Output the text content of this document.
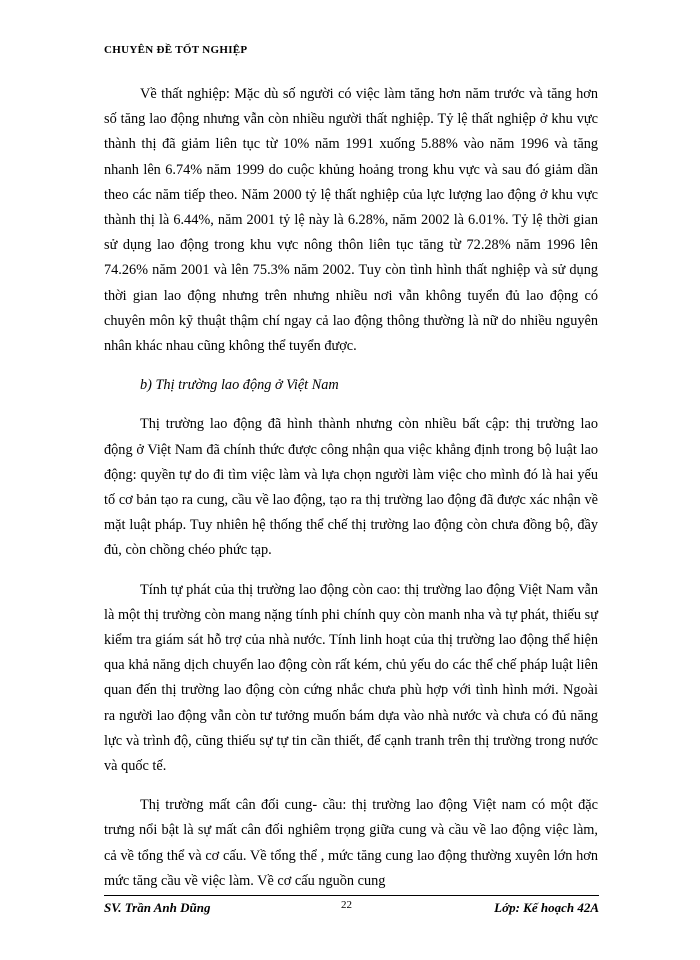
CHUYÊN ĐỀ TỐT NGHIỆP

Về thất nghiệp: Mặc dù số người có việc làm tăng hơn năm trước và tăng hơn số tăng lao động nhưng vẫn còn nhiều người thất nghiệp. Tỷ lệ thất nghiệp ở khu vực thành thị đã giảm liên tục từ 10% năm 1991 xuống 5.88% vào năm 1996 và tăng nhanh lên 6.74% năm 1999 do cuộc khủng hoảng trong khu vực và sau đó giảm dần theo các năm tiếp theo. Năm 2000 tỷ lệ thất nghiệp của lực lượng lao động ở khu vực thành thị là 6.44%, năm 2001 tỷ lệ này là 6.28%, năm 2002 là 6.01%. Tỷ lệ thời gian sử dụng lao động trong khu vực nông thôn liên tục tăng từ 72.28% năm 1996 lên 74.26% năm 2001 và lên 75.3% năm 2002. Tuy còn tình hình thất nghiệp và sử dụng thời gian lao động nhưng trên nhưng nhiều nơi vẫn không tuyển đủ lao động có chuyên môn kỹ thuật thậm chí ngay cả lao động thông thường là nữ do nhiều nguyên nhân khác nhau cũng không thể tuyển được.

b) Thị trường lao động ở Việt Nam

Thị trường lao động đã hình thành nhưng còn nhiều bất cập: thị trường lao động ở Việt Nam đã chính thức được công nhận qua việc khẳng định trong bộ luật lao động: quyền tự do đi tìm việc làm và lựa chọn người làm việc cho mình đó là hai yếu tố cơ bản tạo ra cung, cầu về lao động, tạo ra thị trường lao động đã được xác nhận về mặt luật pháp. Tuy nhiên hệ thống thể chế thị trường lao động còn chưa đồng bộ, đầy đủ, còn chồng chéo phức tạp.

Tính tự phát của thị trường lao động còn cao: thị trường lao động Việt Nam vẫn là một thị trường còn mang nặng tính phi chính quy còn manh nha và tự phát, thiếu sự kiểm tra giám sát hỗ trợ của nhà nước. Tính linh hoạt của thị trường lao động thể hiện qua khả năng dịch chuyển lao động còn rất kém, chủ yếu do các thể chế pháp luật liên quan đến thị trường lao động còn cứng nhắc chưa phù hợp với tình hình mới. Ngoài ra người lao động vẫn còn tư tưởng muốn bám dựa vào nhà nước và chưa có đủ năng lực và trình độ, cũng thiếu sự tự tin cần thiết, để cạnh tranh trên thị trường trong nước và quốc tế.

Thị trường mất cân đối cung- cầu: thị trường lao động Việt nam có một đặc trưng nổi bật là sự mất cân đối nghiêm trọng giữa cung và cầu về lao động việc làm, cả về tổng thể và cơ cấu. Về tổng thể , mức tăng cung lao động thường xuyên lớn hơn mức tăng cầu về việc làm. Về cơ cấu nguồn cung

SV. Trần Anh Dũng	22	Lớp: Kế hoạch 42A
